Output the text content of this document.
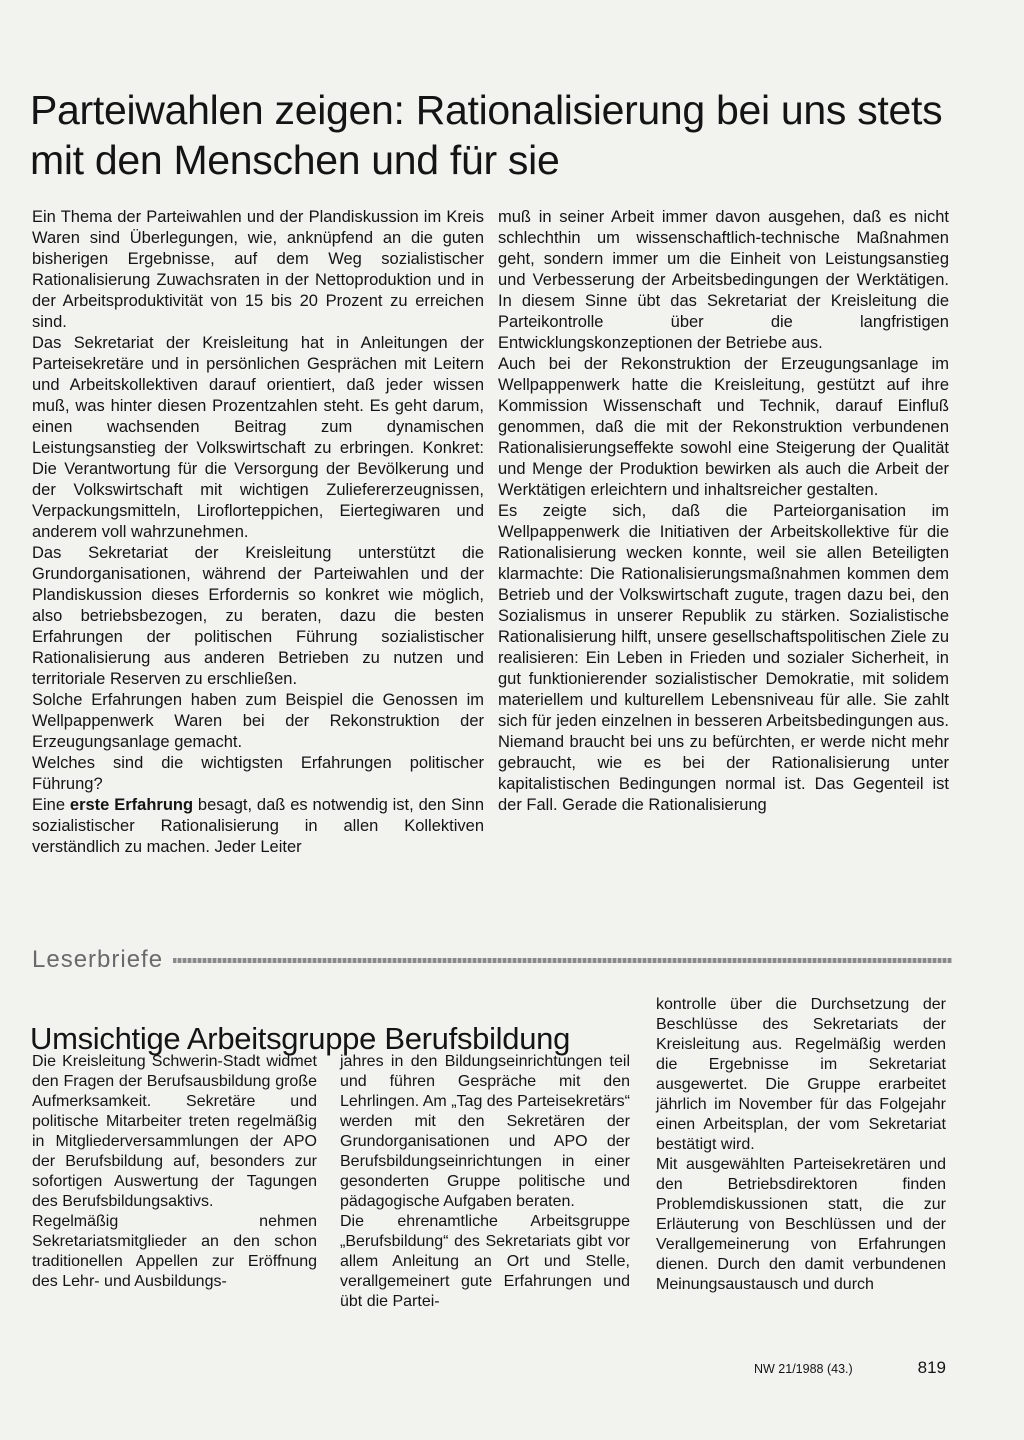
Parteiwahlen zeigen: Rationalisierung bei uns stets mit den Menschen und für sie

Ein Thema der Parteiwahlen und der Plandiskussion im Kreis Waren sind Überlegungen, wie, anknüpfend an die guten bisherigen Ergebnisse, auf dem Weg sozialistischer Rationalisierung Zuwachsraten in der Nettoproduktion und in der Arbeitsproduktivität von 15 bis 20 Prozent zu erreichen sind.

Das Sekretariat der Kreisleitung hat in Anleitungen der Parteisekretäre und in persönlichen Gesprächen mit Leitern und Arbeitskollektiven darauf orientiert, daß jeder wissen muß, was hinter diesen Prozentzahlen steht. Es geht darum, einen wachsenden Beitrag zum dynamischen Leistungsanstieg der Volkswirtschaft zu erbringen. Konkret: Die Verantwortung für die Versorgung der Bevölkerung und der Volkswirtschaft mit wichtigen Zuliefererzeugnissen, Verpackungsmitteln, Liroflorteppichen, Eiertegiwaren und anderem voll wahrzunehmen.

Das Sekretariat der Kreisleitung unterstützt die Grundorganisationen, während der Parteiwahlen und der Plandiskussion dieses Erfordernis so konkret wie möglich, also betriebsbezogen, zu beraten, dazu die besten Erfahrungen der politischen Führung sozialistischer Rationalisierung aus anderen Betrieben zu nutzen und territoriale Reserven zu erschließen.

Solche Erfahrungen haben zum Beispiel die Genossen im Wellpappenwerk Waren bei der Rekonstruktion der Erzeugungsanlage gemacht.

Welches sind die wichtigsten Erfahrungen politischer Führung?

Eine erste Erfahrung besagt, daß es notwendig ist, den Sinn sozialistischer Rationalisierung in allen Kollektiven verständlich zu machen. Jeder Leiter

muß in seiner Arbeit immer davon ausgehen, daß es nicht schlechthin um wissenschaftlich-technische Maßnahmen geht, sondern immer um die Einheit von Leistungsanstieg und Verbesserung der Arbeitsbedingungen der Werktätigen. In diesem Sinne übt das Sekretariat der Kreisleitung die Parteikontrolle über die langfristigen Entwicklungskonzeptionen der Betriebe aus.

Auch bei der Rekonstruktion der Erzeugungsanlage im Wellpappenwerk hatte die Kreisleitung, gestützt auf ihre Kommission Wissenschaft und Technik, darauf Einfluß genommen, daß die mit der Rekonstruktion verbundenen Rationalisierungseffekte sowohl eine Steigerung der Qualität und Menge der Produktion bewirken als auch die Arbeit der Werktätigen erleichtern und inhaltsreicher gestalten.

Es zeigte sich, daß die Parteiorganisation im Wellpappenwerk die Initiativen der Arbeitskollektive für die Rationalisierung wecken konnte, weil sie allen Beteiligten klarmachte: Die Rationalisierungsmaßnahmen kommen dem Betrieb und der Volkswirtschaft zugute, tragen dazu bei, den Sozialismus in unserer Republik zu stärken. Sozialistische Rationalisierung hilft, unsere gesellschaftspolitischen Ziele zu realisieren: Ein Leben in Frieden und sozialer Sicherheit, in gut funktionierender sozialistischer Demokratie, mit solidem materiellem und kulturellem Lebensniveau für alle. Sie zahlt sich für jeden einzelnen in besseren Arbeitsbedingungen aus. Niemand braucht bei uns zu befürchten, er werde nicht mehr gebraucht, wie es bei der Rationalisierung unter kapitalistischen Bedingungen normal ist. Das Gegenteil ist der Fall. Gerade die Rationalisierung

Leserbriefe
Umsichtige Arbeitsgruppe Berufsbildung

Die Kreisleitung Schwerin-Stadt widmet den Fragen der Berufsausbildung große Aufmerksamkeit. Sekretäre und politische Mitarbeiter treten regelmäßig in Mitgliederversammlungen der APO der Berufsbildung auf, besonders zur sofortigen Auswertung der Tagungen des Berufsbildungsaktivs.

Regelmäßig nehmen Sekretariatsmitglieder an den schon traditionellen Appellen zur Eröffnung des Lehr- und Ausbildungs-

jahres in den Bildungseinrichtungen teil und führen Gespräche mit den Lehrlingen. Am „Tag des Parteisekretärs“ werden mit den Sekretären der Grundorganisationen und APO der Berufsbildungseinrichtungen in einer gesonderten Gruppe politische und pädagogische Aufgaben beraten.

Die ehrenamtliche Arbeitsgruppe „Berufsbildung“ des Sekretariats gibt vor allem Anleitung an Ort und Stelle, verallgemeinert gute Erfahrungen und übt die Partei-

kontrolle über die Durchsetzung der Beschlüsse des Sekretariats der Kreisleitung aus. Regelmäßig werden die Ergebnisse im Sekretariat ausgewertet. Die Gruppe erarbeitet jährlich im November für das Folgejahr einen Arbeitsplan, der vom Sekretariat bestätigt wird.

Mit ausgewählten Parteisekretären und den Betriebsdirektoren finden Problemdiskussionen statt, die zur Erläuterung von Beschlüssen und der Verallgemeinerung von Erfahrungen dienen. Durch den damit verbundenen Meinungsaustausch und durch

NW 21/1988 (43.)	819
